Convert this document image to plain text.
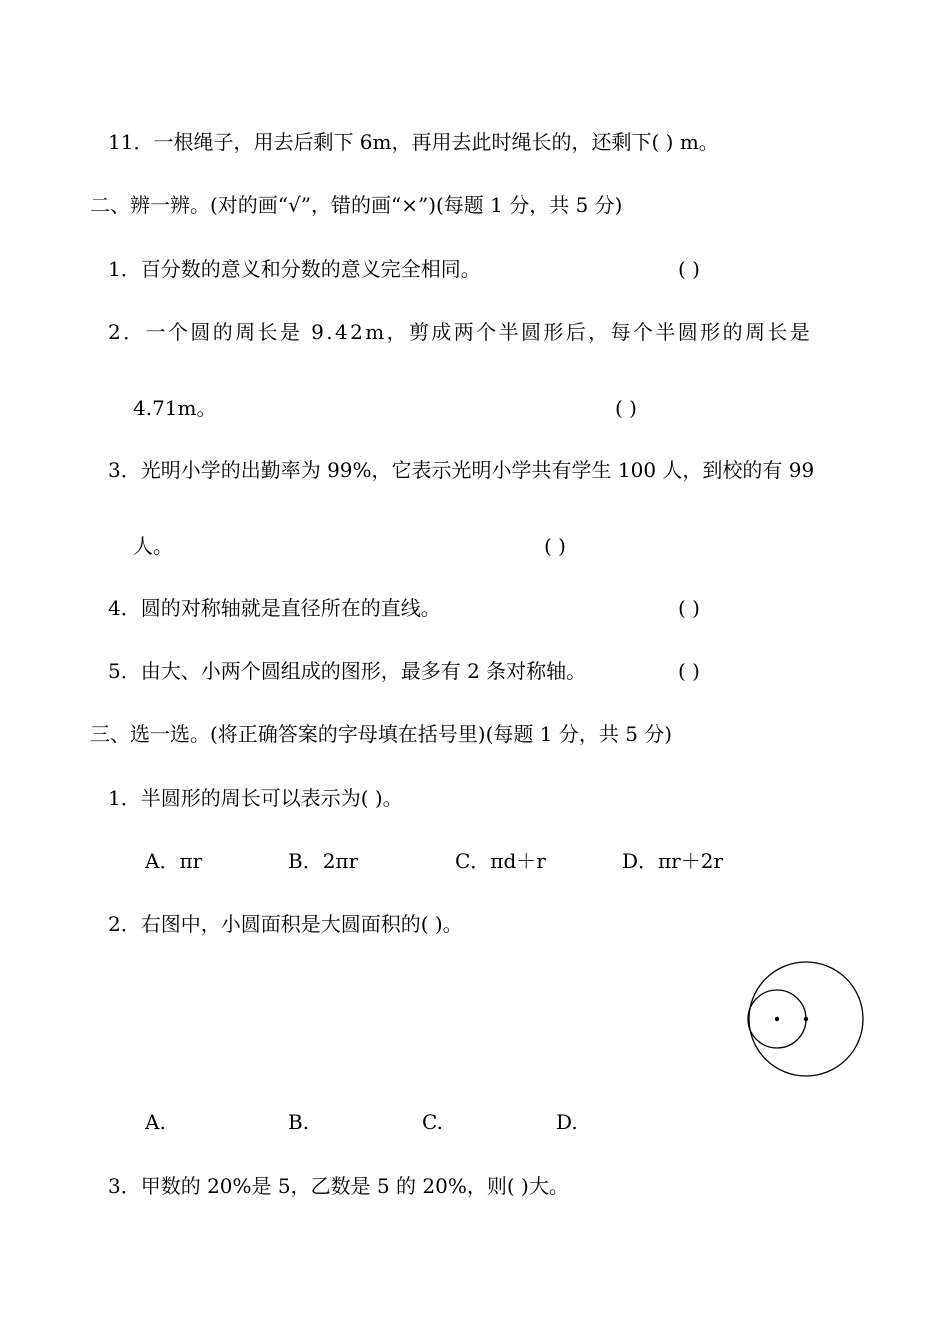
11．一根绳子，用去后剩下 6m，再用去此时绳长的，还剩下( ) m。
二、辨一辨。(对的画“√”，错的画“×”)(每题 1 分，共 5 分)
1．百分数的意义和分数的意义完全相同。	( )
2．一个圆的周长是 9.42m，剪成两个半圆形后，每个半圆形的周长是
4.71m。	( )
3．光明小学的出勤率为 99%，它表示光明小学共有学生 100 人，到校的有 99
人。	( )
4．圆的对称轴就是直径所在的直线。	( )
5．由大、小两个圆组成的图形，最多有 2 条对称轴。	( )
三、选一选。(将正确答案的字母填在括号里)(每题 1 分，共 5 分)
1．半圆形的周长可以表示为( )。
A．πr	B．2πr	C．πd＋r	D．πr＋2r
2．右图中，小圆面积是大圆面积的( )。
A.	B.	C.	D.
3．甲数的 20%是 5，乙数是 5 的 20%，则( )大。
